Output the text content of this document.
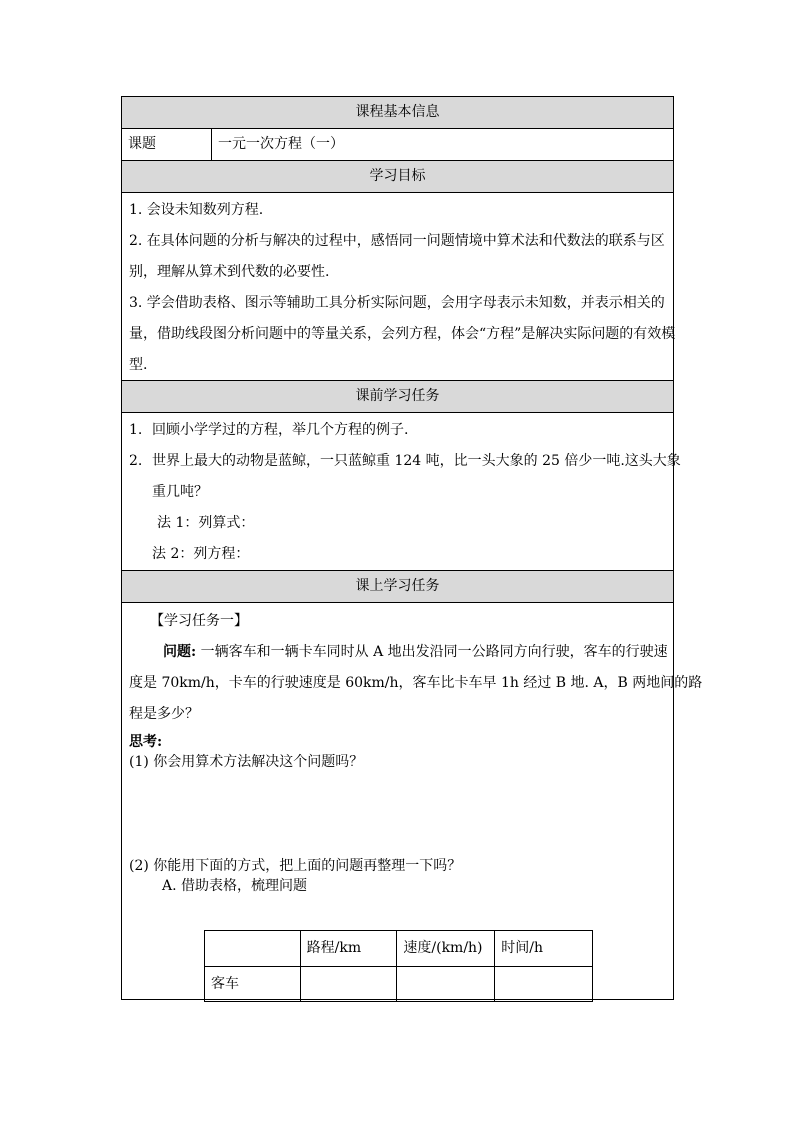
课程基本信息
课题	一元一次方程（一）
学习目标
1. 会设未知数列方程.
2. 在具体问题的分析与解决的过程中，感悟同一问题情境中算术法和代数法的联系与区
别，理解从算术到代数的必要性.
3. 学会借助表格、图示等辅助工具分析实际问题，会用字母表示未知数，并表示相关的
量，借助线段图分析问题中的等量关系，会列方程，体会“方程”是解决实际问题的有效模
型.
课前学习任务
1. 回顾小学学过的方程，举几个方程的例子.
2. 世界上最大的动物是蓝鲸，一只蓝鲸重 124 吨，比一头大象的 25 倍少一吨.这头大象
重几吨？
法 1：列算式：
法 2：列方程：
课上学习任务
【学习任务一】
问题: 一辆客车和一辆卡车同时从 A 地出发沿同一公路同方向行驶，客车的行驶速
度是 70km/h，卡车的行驶速度是 60km/h，客车比卡车早 1h 经过 B 地. A，B 两地间的路
程是多少？
思考:
(1) 你会用算术方法解决这个问题吗？
(2) 你能用下面的方式，把上面的问题再整理一下吗？
A. 借助表格，梳理问题
	路程/km	速度/(km/h)	时间/h
客车			
